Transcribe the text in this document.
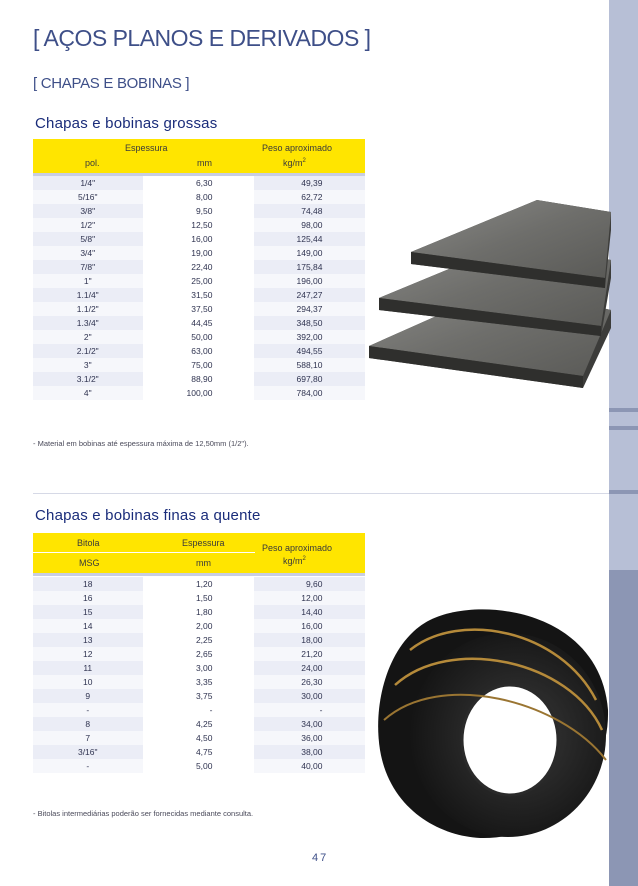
[ AÇOS PLANOS E DERIVADOS ]
[ CHAPAS E BOBINAS ]
Chapas e bobinas grossas
Espessura
pol.	mm
Peso aproximado
$kg/m^2$
1/4"	6,30	49,39
5/16"	8,00	62,72
3/8"	9,50	74,48
1/2"	12,50	98,00
5/8"	16,00	125,44
3/4"	19,00	149,00
7/8"	22,40	175,84
1"	25,00	196,00
1.1/4"	31,50	247,27
1.1/2"	37,50	294,37
1.3/4"	44,45	348,50
2"	50,00	392,00
2.1/2"	63,00	494,55
3"	75,00	588,10
3.1/2"	88,90	697,80
4"	100,00	784,00
- Material em bobinas até espessura máxima de 12,50mm (1/2").
Chapas e bobinas finas a quente
Bitola	Espessura	Peso aproximado
$kg/m^2$
MSG	mm
18	1,20	9,60
16	1,50	12,00
15	1,80	14,40
14	2,00	16,00
13	2,25	18,00
12	2,65	21,20
11	3,00	24,00
10	3,35	26,30
9	3,75	30,00
-	-	-
8	4,25	34,00
7	4,50	36,00
3/16"	4,75	38,00
-	5,00	40,00
- Bitolas intermediárias poderão ser fornecidas mediante consulta.
47
